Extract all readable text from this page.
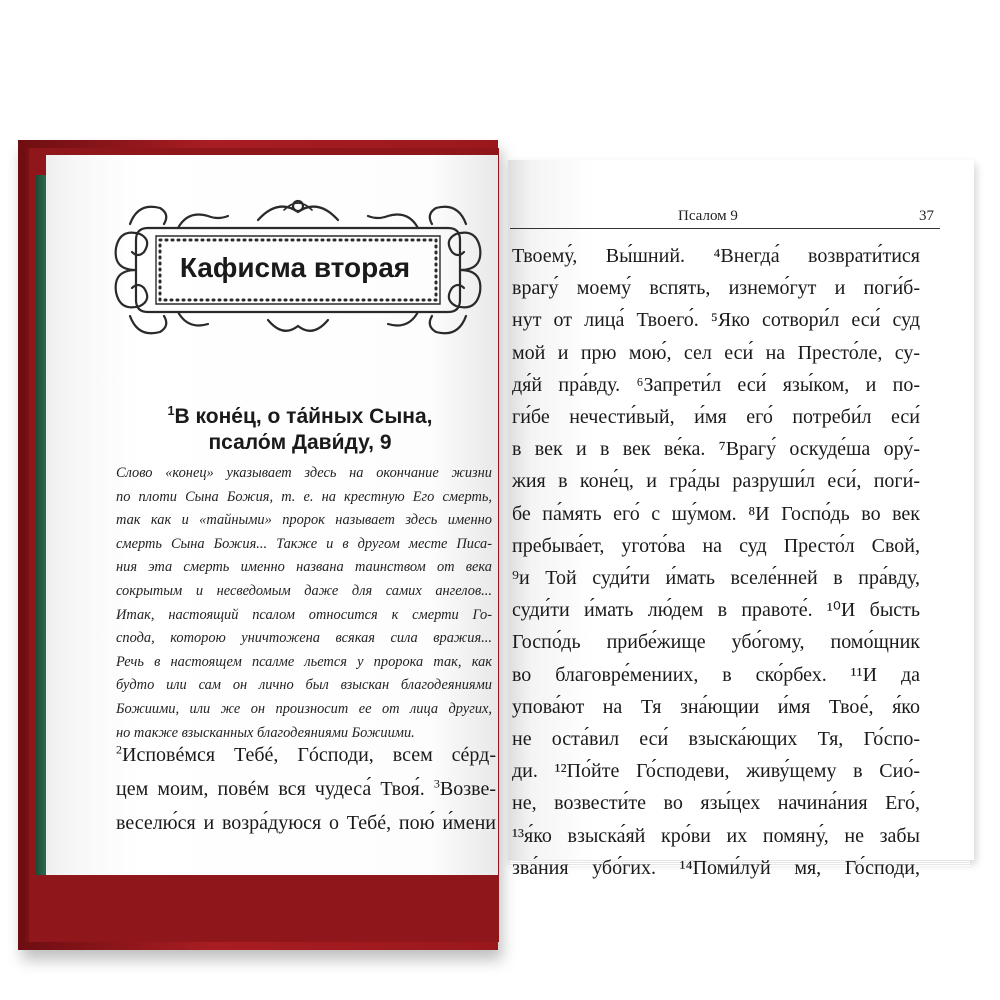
Кафисма вторая
$^1$В коне́ц, о та́йных Сына,
псало́м Дави́ду, 9
Слово «конец» указывает здесь на окончание жизни
по плоти Сына Божия, т. е. на крестную Его смерть,
так как и «тайными» пророк называет здесь именно
смерть Сына Божия... Также и в другом месте Писа-
ния эта смерть именно названа таинством от века
сокрытым и несведомым даже для самих ангелов...
Итак, настоящий псалом относится к смерти Го-
спода, которою уничтожена всякая сила вражия...
Речь в настоящем псалме льется у пророка так, как
будто или сам он лично был взыскан благодеяниями
Божиими, или же он произносит ее от лица других,
но также взысканных благодеяниями Божиими.
$^2$Исповéмся Тебé, Гóсподи, всем сéрд-
цем моим, повéм вся чудеса́ Твоя́. $^3$Возве-
веселю́ся и возра́дуюся о Тебé, пою́ и́мени
Псалом 9	37
Твоему́, Вы́шний. ⁴Внегда́ возврати́тися
врагу́ моему́ вспять, изнемо́гут и поги́б-
нут от лица́ Твоего́. ⁵Яко сотвори́л еси́ суд
мой и прю мою́, сел еси́ на Престо́ле, су-
дя́й пра́вду. ⁶Запрети́л еси́ язы́ком, и по-
ги́бе нечести́вый, и́мя его́ потреби́л еси́
в век и в век ве́ка. ⁷Врагу́ оскуде́ша ору́-
жия в коне́ц, и гра́ды разруши́л еси́, поги́-
бе па́мять его́ с шу́мом. ⁸И Госпо́дь во век
пребыва́ет, угото́ва на суд Престо́л Свой,
⁹и Той суди́ти и́мать вселе́нней в пра́вду,
суди́ти и́мать лю́дем в правоте́. ¹⁰И бысть
Госпо́дь прибе́жище убо́гому, помо́щник
во благовре́мениих, в ско́рбех. ¹¹И да
упова́ют на Тя зна́ющии и́мя Твое́, я́ко
не оста́вил еси́ взыска́ющих Тя, Го́спо-
ди. ¹²По́йте Го́сподеви, живу́щему в Сио́-
не, возвести́те во язы́цех начина́ния Его́,
¹³я́ко взыска́яй кро́ви их помяну́, не забы
зва́ния убо́гих. ¹⁴Поми́луй мя, Го́споди,
